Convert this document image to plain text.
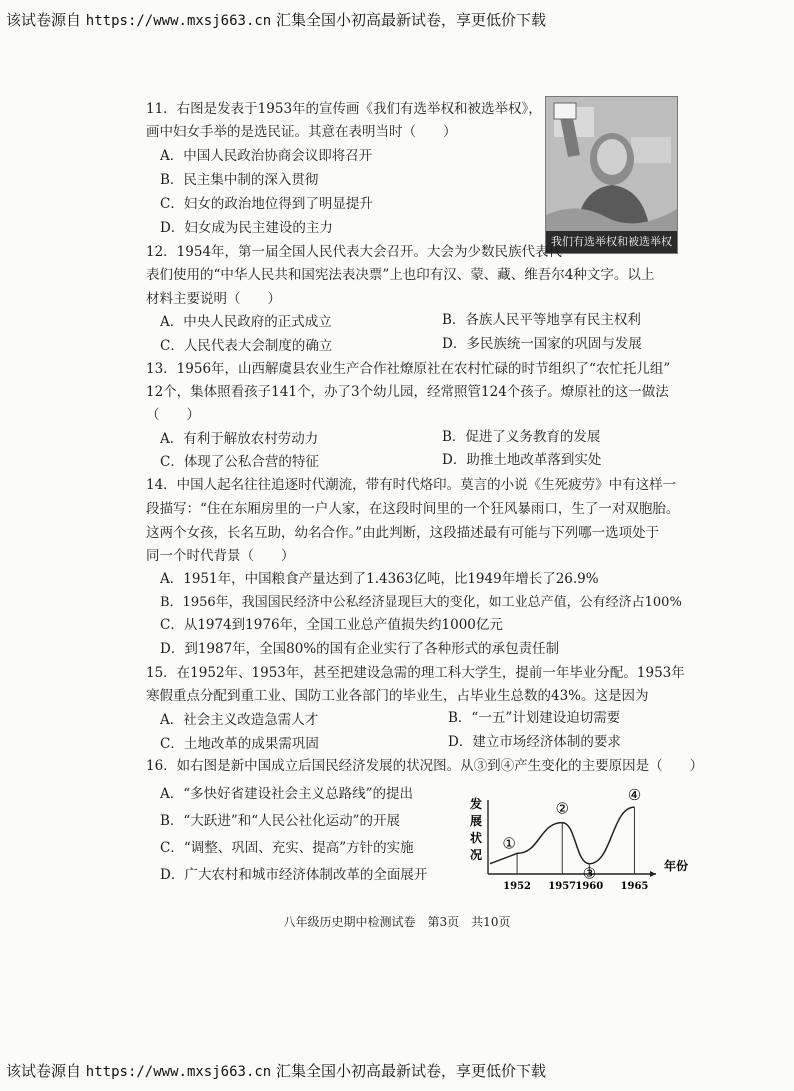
该试卷源自 https://www.mxsj663.cn 汇集全国小初高最新试卷，享更低价下载
我们有选举权和被选举权
11．右图是发表于1953年的宣传画《我们有选举权和被选举权》，
画中妇女手举的是选民证。其意在表明当时（　　）
A．中国人民政治协商会议即将召开
B．民主集中制的深入贯彻
C．妇女的政治地位得到了明显提升
D．妇女成为民主建设的主力
12．1954年，第一届全国人民代表大会召开。大会为少数民族代表代
表们使用的“中华人民共和国宪法表决票”上也印有汉、蒙、藏、维吾尔4种文字。以上
材料主要说明（　　）
A．中央人民政府的正式成立	B．各族人民平等地享有民主权利
C．人民代表大会制度的确立	D．多民族统一国家的巩固与发展
13．1956年，山西解虞县农业生产合作社燎原社在农村忙碌的时节组织了“农忙托儿组”
12个，集体照看孩子141个，办了3个幼儿园，经常照管124个孩子。燎原社的这一做法
（　　）
A．有利于解放农村劳动力	B．促进了义务教育的发展
C．体现了公私合营的特征	D．助推土地改革落到实处
14．中国人起名往往追逐时代潮流，带有时代烙印。莫言的小说《生死疲劳》中有这样一
段描写：“住在东厢房里的一户人家，在这段时间里的一个狂风暴雨口，生了一对双胞胎。
这两个女孩，长名互助，幼名合作。”由此判断，这段描述最有可能与下列哪一选项处于
同一个时代背景（　　）
A．1951年，中国粮食产量达到了1.4363亿吨，比1949年增长了26.9%
B．1956年，我国国民经济中公私经济显现巨大的变化，如工业总产值，公有经济占100%
C．从1974到1976年，全国工业总产值损失约1000亿元
D．到1987年，全国80%的国有企业实行了各种形式的承包责任制
15．在1952年、1953年，甚至把建设急需的理工科大学生，提前一年毕业分配。1953年
寒假重点分配到重工业、国防工业各部门的毕业生，占毕业生总数的43%。这是因为
A．社会主义改造急需人才	B．“一五”计划建设迫切需要
C．土地改革的成果需巩固	D．建立市场经济体制的要求
16．如右图是新中国成立后国民经济发展的状况图。从③到④产生变化的主要原因是（　　）
A．“多快好省建设社会主义总路线”的提出
B．“大跃进”和“人民公社化运动”的开展
C．“调整、巩固、充实、提高”方针的实施
D．广大农村和城市经济体制改革的全面展开
发
展
状
况
年份
1952 1957 1960 1965
①
②
③
④
八年级历史期中检测试卷　第3页　共10页
该试卷源自 https://www.mxsj663.cn 汇集全国小初高最新试卷，享更低价下载
